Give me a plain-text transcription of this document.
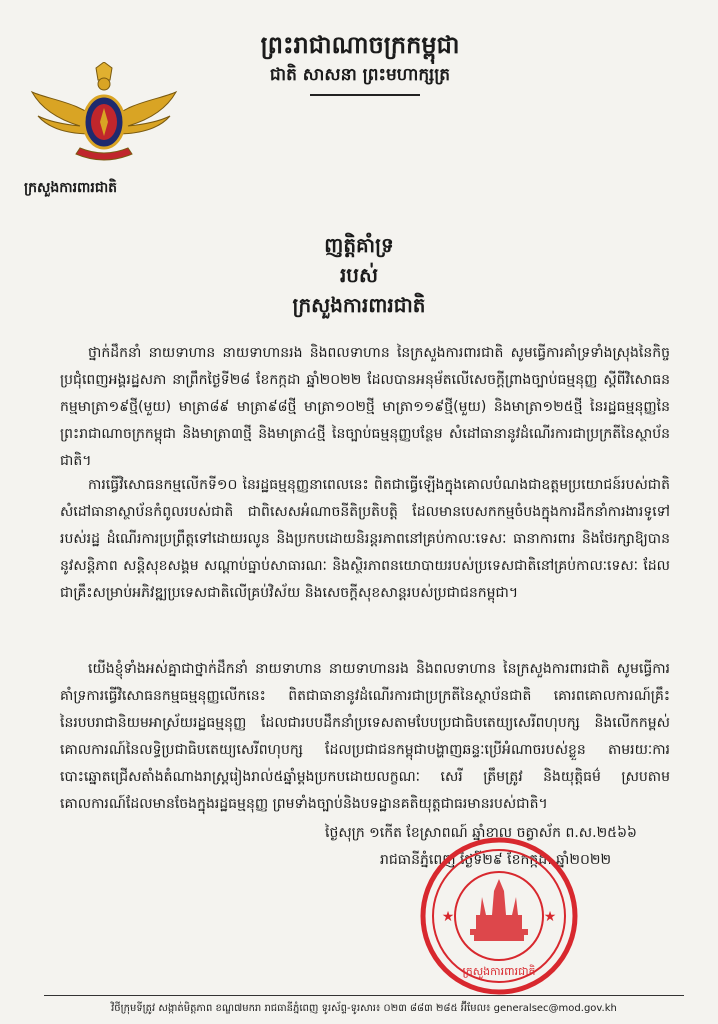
ព្រះរាជាណាចក្រកម្ពុជា
ជាតិ សាសនា ព្រះមហាក្សត្រ
ក្រសួងការពារជាតិ
ញត្តិគាំទ្រ
របស់
ក្រសួងការពារជាតិ

ថ្នាក់ដឹកនាំ នាយទាហាន នាយទាហានរង និងពលទាហាន នៃក្រសួងការពារជាតិ សូមធ្វើការគាំទ្រទាំងស្រុងនៃកិច្ចប្រជុំពេញអង្គរដ្ឋសភា នាព្រឹកថ្ងៃទី២៨ ខែកក្កដា ឆ្នាំ២០២២ ដែលបានអនុម័តលើសេចក្តីព្រាងច្បាប់ធម្មនុញ្ញ ស្តីពីវិសោធនកម្មមាត្រា១៩ថ្មី(មួយ) មាត្រា៨៩ មាត្រា៩៨ថ្មី មាត្រា១០២ថ្មី មាត្រា១១៩ថ្មី(មួយ) និងមាត្រា១២៥ថ្មី នៃរដ្ឋធម្មនុញ្ញនៃព្រះរាជាណាចក្រកម្ពុជា និងមាត្រា៣ថ្មី និងមាត្រា៤ថ្មី នៃច្បាប់ធម្មនុញ្ញបន្ថែម សំដៅធានានូវដំណើរការជាប្រក្រតីនៃស្ថាប័នជាតិ។

ការធ្វើវិសោធនកម្មលើកទី១០ នៃរដ្ឋធម្មនុញ្ញនាពេលនេះ ពិតជាធ្វើឡើងក្នុងគោលបំណងជាឧត្តមប្រយោជន៍របស់ជាតិ សំដៅធានាស្ថាប័នកំពូលរបស់ជាតិ ជាពិសេសអំណាចនីតិប្រតិបត្តិ ដែលមានបេសកកម្មចំបងក្នុងការដឹកនាំការងារទូទៅរបស់រដ្ឋ ដំណើរការប្រព្រឹត្តទៅដោយរលូន និងប្រកបដោយនិរន្តរភាពនៅគ្រប់កាលៈទេសៈ ធានាការពារ និងថែរក្សាឱ្យបាននូវសន្តិភាព សន្តិសុខសង្គម សណ្តាប់ធ្នាប់សាធារណៈ និងស្ថិរភាពនយោបាយរបស់ប្រទេសជាតិនៅគ្រប់កាលៈទេសៈ ដែលជាគ្រឹះសម្រាប់អភិវឌ្ឍប្រទេសជាតិលើគ្រប់វិស័យ និងសេចក្តីសុខសាន្តរបស់ប្រជាជនកម្ពុជា។

យើងខ្ញុំទាំងអស់គ្នាជាថ្នាក់ដឹកនាំ នាយទាហាន នាយទាហានរង និងពលទាហាន នៃក្រសួងការពារជាតិ សូមធ្វើការគាំទ្រការធ្វើវិសោធនកម្មធម្មនុញ្ញលើកនេះ ពិតជាធានានូវដំណើរការជាប្រក្រតីនៃស្ថាប័នជាតិ គោរពគោលការណ៍គ្រឹះ នៃរបបរាជានិយមអាស្រ័យរដ្ឋធម្មនុញ្ញ ដែលជារបបដឹកនាំប្រទេសតាមបែបប្រជាធិបតេយ្យសេរីពហុបក្ស និងលើកកម្ពស់គោលការណ៍នៃលទ្ធិប្រជាធិបតេយ្យសេរីពហុបក្ស ដែលប្រជាជនកម្ពុជាបង្ហាញឆន្ទៈប្រើអំណាចរបស់ខ្លួន តាមរយៈការបោះឆ្នោតជ្រើសតាំងតំណាងរាស្ត្ររៀងរាល់៥ឆ្នាំម្តងប្រកបដោយលក្ខណៈ សេរី ត្រឹមត្រូវ និងយុត្តិធម៌ ស្របតាមគោលការណ៍ដែលមានចែងក្នុងរដ្ឋធម្មនុញ្ញ ព្រមទាំងច្បាប់និងបទដ្ឋានគតិយុត្តជាធរមានរបស់ជាតិ។

ថ្ងៃសុក្រ ១កើត ខែស្រាពណ៍ ឆ្នាំខាល ចត្វាស័ក ព.ស.២៥៦៦
រាជធានីភ្នំពេញ ថ្ងៃទី២៩ ខែកក្កដា ឆ្នាំ២០២២
ក្រសួងការពារជាតិ
★	★
វិថីក្រុមទីត្រូវ សង្កាត់មិត្តភាព ខណ្ឌ៧មករា រាជធានីភ្នំពេញ ទូរស័ព្ទ-ទូរសារ៖ ០២៣ ៨៨៣ ២៨៥ អ៊ីមែល៖ generalsec@mod.gov.kh
